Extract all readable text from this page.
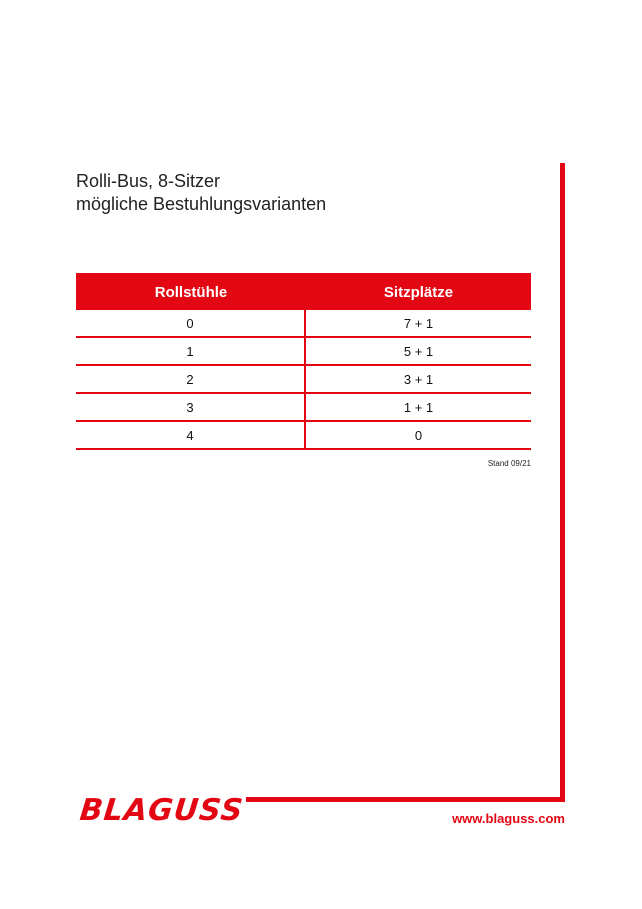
Rolli-Bus, 8-Sitzer
mögliche Bestuhlungsvarianten
Rollstühle	Sitzplätze
0	7 + 1
1	5 + 1
2	3 + 1
3	1 + 1
4	0
Stand 09/21
BLAGUSS	www.blaguss.com
